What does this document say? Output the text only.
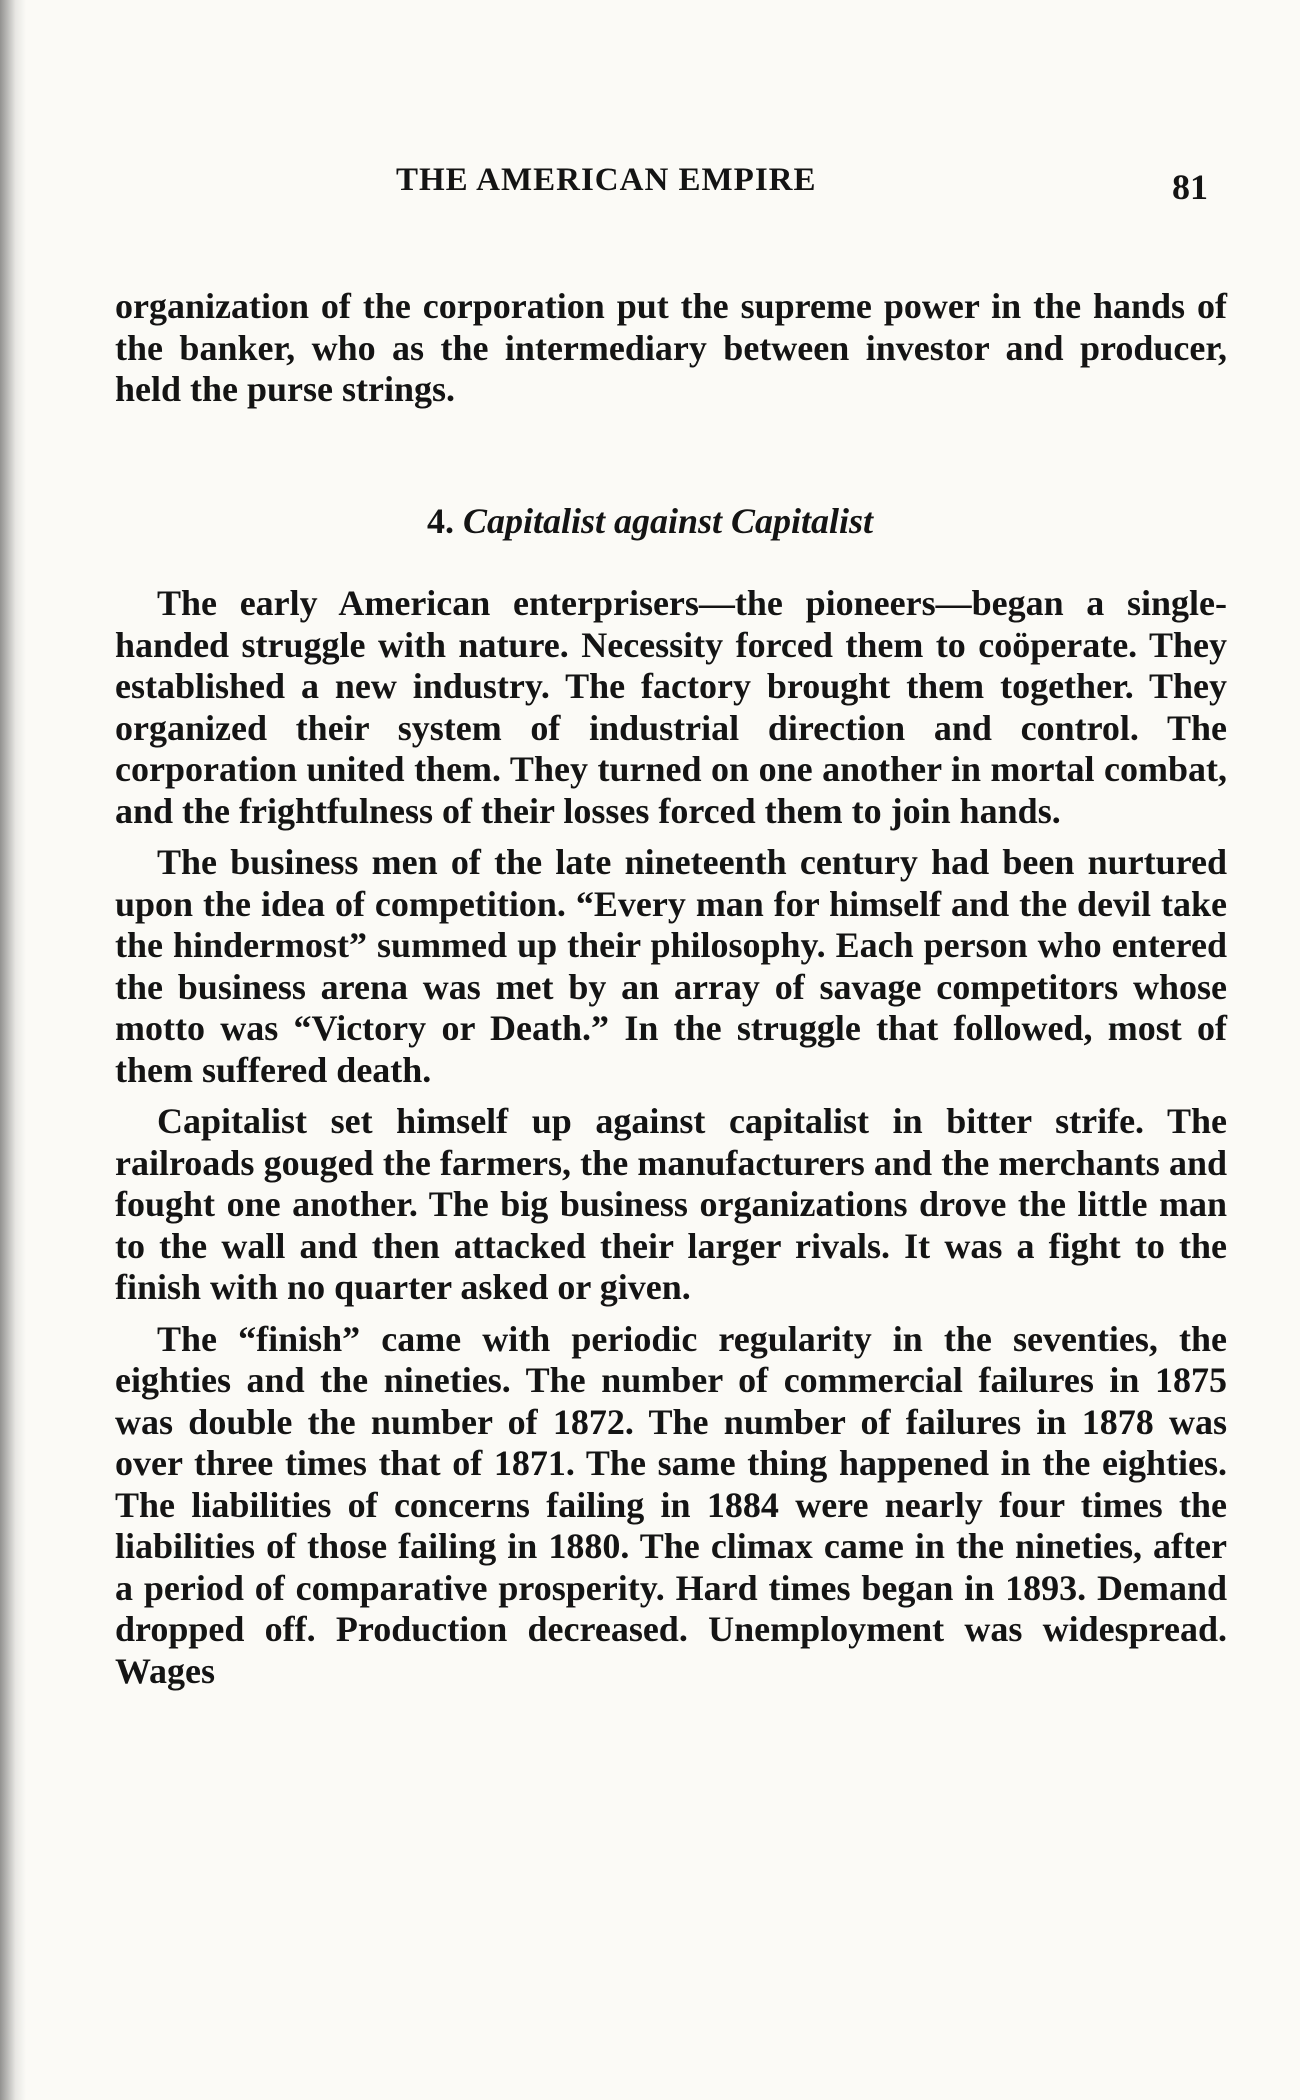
THE AMERICAN EMPIRE	81
organization of the corporation put the supreme power in the hands of the banker, who as the intermediary between investor and producer, held the purse strings.
4. Capitalist against Capitalist

The early American enterprisers—the pioneers—began a single-handed struggle with nature. Necessity forced them to coöperate. They established a new industry. The factory brought them together. They organized their system of industrial direction and control. The corporation united them. They turned on one another in mortal combat, and the frightfulness of their losses forced them to join hands.

The business men of the late nineteenth century had been nurtured upon the idea of competition. “Every man for himself and the devil take the hindermost” summed up their philosophy. Each person who entered the business arena was met by an array of savage competitors whose motto was “Victory or Death.” In the struggle that followed, most of them suffered death.

Capitalist set himself up against capitalist in bitter strife. The railroads gouged the farmers, the manufacturers and the merchants and fought one another. The big business organizations drove the little man to the wall and then attacked their larger rivals. It was a fight to the finish with no quarter asked or given.

The “finish” came with periodic regularity in the seventies, the eighties and the nineties. The number of commercial failures in 1875 was double the number of 1872. The number of failures in 1878 was over three times that of 1871. The same thing happened in the eighties. The liabilities of concerns failing in 1884 were nearly four times the liabilities of those failing in 1880. The climax came in the nineties, after a period of comparative prosperity. Hard times began in 1893. Demand dropped off. Production decreased. Unemployment was widespread. Wages
